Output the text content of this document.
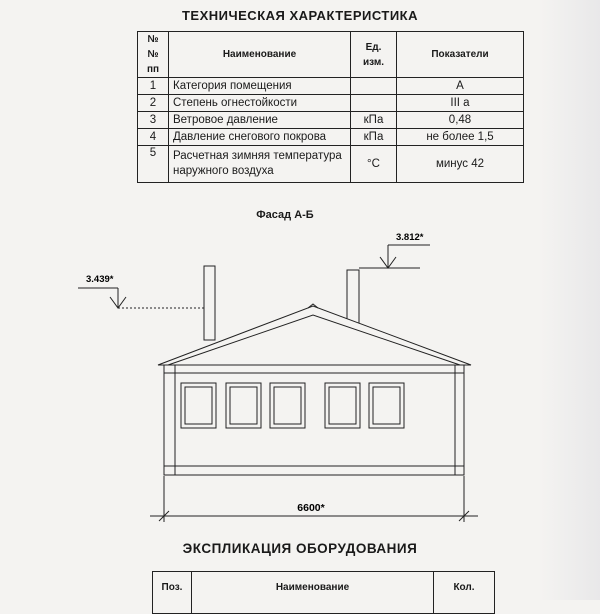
ТЕХНИЧЕСКАЯ ХАРАКТЕРИСТИКА
№№ пп	Наименование	Ед. изм.	Показатели
1	Категория помещения		А
2	Степень огнестойкости		III а
3	Ветровое давление	кПа	0,48
4	Давление снегового покрова	кПа	не более 1,5
5	Расчетная зимняя температура наружного воздуха	°С	минус 42
Фасад А-Б
3.439*
3.812*
6600*
ЭКСПЛИКАЦИЯ ОБОРУДОВАНИЯ
Поз.	Наименование	Кол.
